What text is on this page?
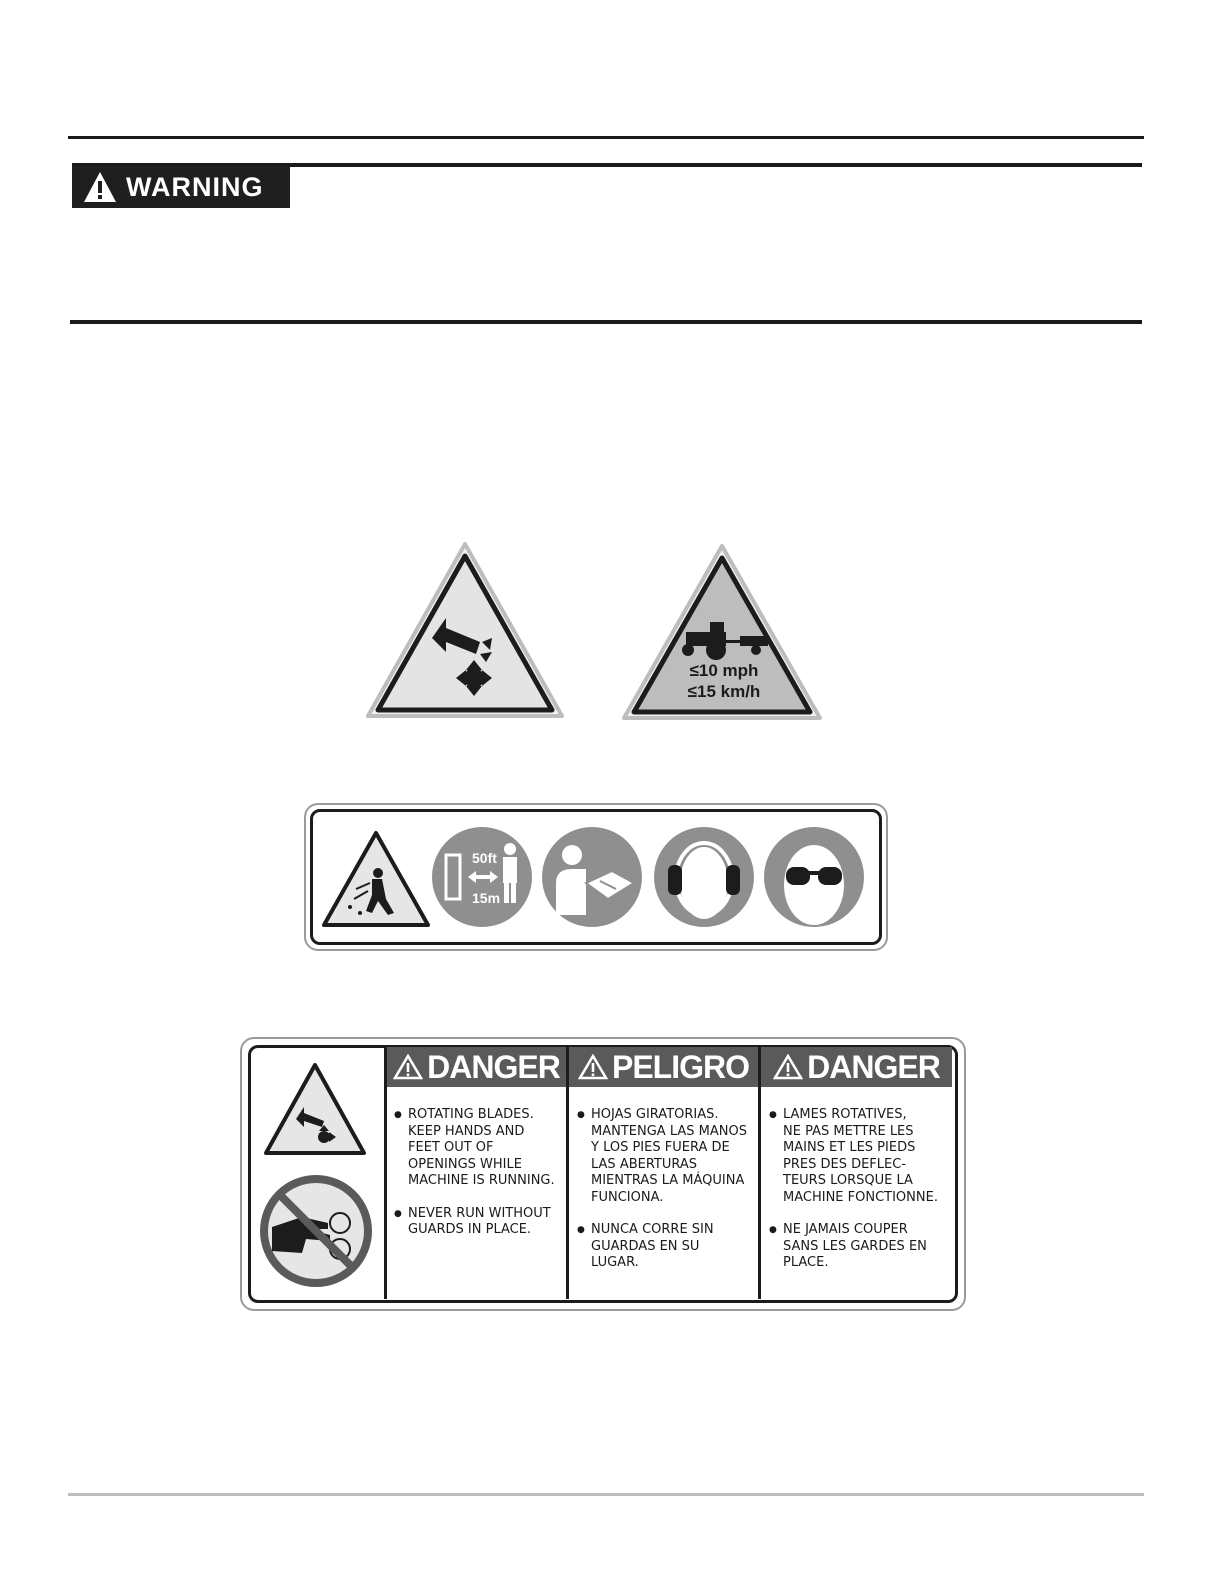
WARNING
≤10 mph
≤15 km/h
50ft
15m
DANGER
● ROTATING BLADES.
KEEP HANDS AND
FEET OUT OF
OPENINGS WHILE
MACHINE IS RUNNING.
● NEVER RUN WITHOUT
GUARDS IN PLACE.
PELIGRO
● HOJAS GIRATORIAS.
MANTENGA LAS MANOS
Y LOS PIES FUERA DE
LAS ABERTURAS
MIENTRAS LA MÁQUINA
FUNCIONA.
● NUNCA CORRE SIN
GUARDAS EN SU
LUGAR.
DANGER
● LAMES ROTATIVES,
NE PAS METTRE LES
MAINS ET LES PIEDS
PRES DES DEFLEC-
TEURS LORSQUE LA
MACHINE FONCTIONNE.
● NE JAMAIS COUPER
SANS LES GARDES EN
PLACE.
